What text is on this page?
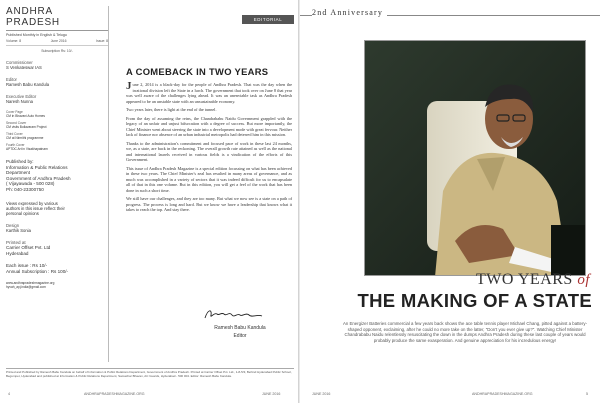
ANDHRA PRADESH
Published Monthly in English & Telugu
Volume: 8	June 2016	Issue: 8
Subscription Rs: 10/-
Commissioner
S Venkateswar IAS
Editor
Ramesh Babu Kandula
Executive Editor
Naresh Nunna
Cover Page
CM in Bhavani Auto Homes
Second Cover
CM visits Bollavaram Project
Third Cover
CM at Nirmithi programme
Fourth Cover
APTDC Art in Visakhapatnam
Published by:
Information & Public Relations
Department
Government of Andhra Pradesh
( Vijayawada - 500 028)
Ph: 040-23300750
Views expressed by various
authors in this issue reflect their
personal opinions
Design
Karthik Sonia
Printed at
Carrier Offset Pvt. Ltd
Hyderabad
Each issue : Rs 10/-
Annual Subscription : Rs 100/-
www.andhrapradeshmagazine.org
hyvah_apj.india@gmail.com
EDITORIAL
A COMEBACK IN TWO YEARS

June 2, 2014 is a black-day for the people of Andhra Pradesh. That was the day when the irrational division left the State in a lurch. The government that took over on June 8 that year was well aware of the challenges lying ahead. It was an unenviable task as Andhra Pradesh appeared to be an unstable state with an unsustainable economy.

Two years later, there is light at the end of the tunnel.

From the day of assuming the reins, the Chandrababu Naidu Government grappled with the legacy of an unfair and unjust bifurcation with a degree of success. But more importantly, the Chief Minister went about steering the state into a development mode with great fervour. Neither lack of finance nor absence of an urban industrial metropolis had deterred him in this mission.

Thanks to the administration's commitment and focused pace of work in these last 24 months, we, as a state, are back in the reckoning. The overall growth rate attained as well as the national and international laurels received in various fields is a vindication of the efforts of this Government.

This issue of Andhra Pradesh Magazine is a special edition focussing on what has been achieved in these two years. The Chief Minister's zeal has resulted in many areas of governance, and as much was accomplished in a variety of sectors that it was indeed difficult for us to encapsulate all of that in this one volume. But in this edition, you will get a feel of the work that has been done in such a short time.

We still have our challenges, and they are too many. But what we now see is a state on a path of progress. The process is long and hard. But we know we have a leadership that knows what it takes to reach the top. And stay there.

Ramesh Babu Kandula
Editor
Printed and Published by Ramesh Babu Kandula on behalf of Information & Public Relations Department, Government of Andhra Pradesh. Printed at Carrier Offset Pvt. Ltd., 1-8-5/3, Behind Hyderabad Public School, Begumpet, Hyderabad and published at Information & Public Relations Department, Samachar Bhavan, AC Guards, Hyderabad - 500 004. Editor: Ramesh Babu Kandula.
4	ANDHRAPRADESHMAGAZINE.ORG	JUNE 2016
2nd Anniversary
TWO YEARS of
THE MAKING OF A STATE
An Energizer Batteries commercial a few years back shows the ace table tennis player Michael Chang, pitted against a battery-shaped opponent, exclaiming, after he could no more take on the latter, "Don't you ever give up?". Watching Chief Minister Chandrababu Naidu relentlessly resuscitating the down in the dumps Andhra Pradesh during these last couple of years would probably produce the same exasperation. And genuine appreciation for his incredulous energy!
JUNE 2016	ANDHRAPRADESHMAGAZINE.ORG	5
